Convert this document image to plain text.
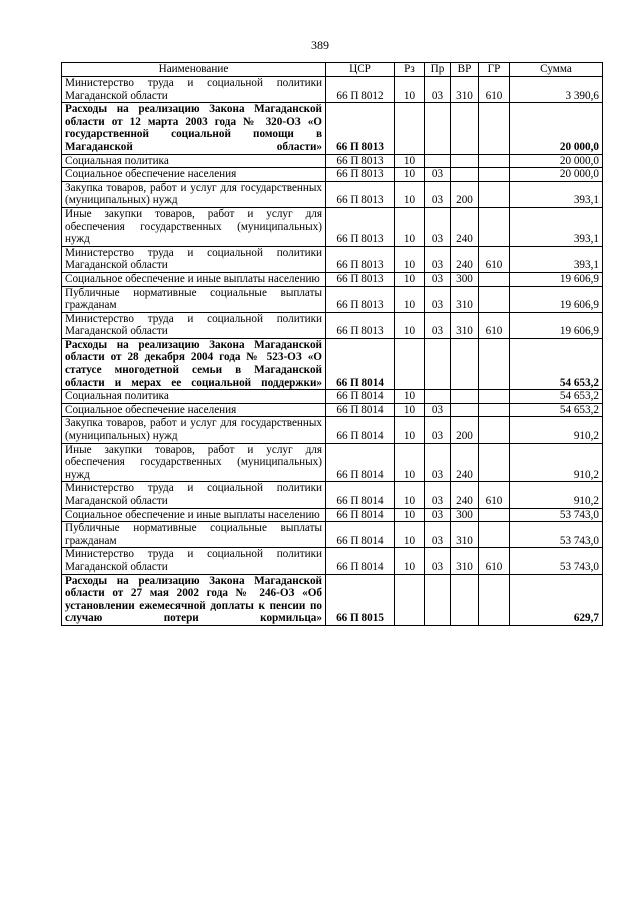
389
Наименование	ЦСР	Рз	Пр	ВР	ГР	Сумма
Министерство труда и социальной политики Магаданской области	66 П 8012	10	03	310	610	3 390,6
Расходы на реализацию Закона Магаданской области от 12 марта 2003 года № 320-ОЗ «О государственной социальной помощи в Магаданской области»	66 П 8013					20 000,0
Социальная политика	66 П 8013	10				20 000,0
Социальное обеспечение населения	66 П 8013	10	03			20 000,0
Закупка товаров, работ и услуг для государственных (муниципальных) нужд	66 П 8013	10	03	200		393,1
Иные закупки товаров, работ и услуг для обеспечения государственных (муниципальных) нужд	66 П 8013	10	03	240		393,1
Министерство труда и социальной политики Магаданской области	66 П 8013	10	03	240	610	393,1
Социальное обеспечение и иные выплаты населению	66 П 8013	10	03	300		19 606,9
Публичные нормативные социальные выплаты гражданам	66 П 8013	10	03	310		19 606,9
Министерство труда и социальной политики Магаданской области	66 П 8013	10	03	310	610	19 606,9
Расходы на реализацию Закона Магаданской области от 28 декабря 2004 года № 523-ОЗ «О статусе многодетной семьи в Магаданской области и мерах ее социальной поддержки»	66 П 8014					54 653,2
Социальная политика	66 П 8014	10				54 653,2
Социальное обеспечение населения	66 П 8014	10	03			54 653,2
Закупка товаров, работ и услуг для государственных (муниципальных) нужд	66 П 8014	10	03	200		910,2
Иные закупки товаров, работ и услуг для обеспечения государственных (муниципальных) нужд	66 П 8014	10	03	240		910,2
Министерство труда и социальной политики Магаданской области	66 П 8014	10	03	240	610	910,2
Социальное обеспечение и иные выплаты населению	66 П 8014	10	03	300		53 743,0
Публичные нормативные социальные выплаты гражданам	66 П 8014	10	03	310		53 743,0
Министерство труда и социальной политики Магаданской области	66 П 8014	10	03	310	610	53 743,0
Расходы на реализацию Закона Магаданской области от 27 мая 2002 года № 246-ОЗ «Об установлении ежемесячной доплаты к пенсии по случаю потери кормильца»	66 П 8015					629,7
